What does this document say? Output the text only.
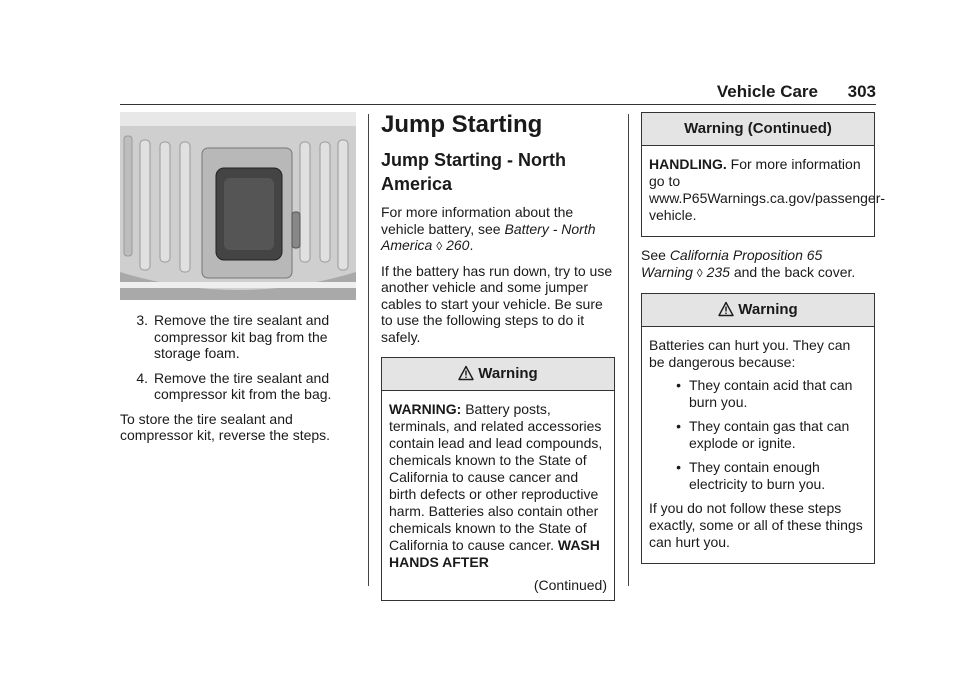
Vehicle Care 303
3. Remove the tire sealant and compressor kit bag from the storage foam.
4. Remove the tire sealant and compressor kit from the bag.

To store the tire sealant and compressor kit, reverse the steps.

Jump Starting
Jump Starting - North America

For more information about the vehicle battery, see Battery - North America ◊ 260.

If the battery has run down, try to use another vehicle and some jumper cables to start your vehicle. Be sure to use the following steps to do it safely.

Warning

WARNING: Battery posts, terminals, and related accessories contain lead and lead compounds, chemicals known to the State of California to cause cancer and birth defects or other reproductive harm. Batteries also contain other chemicals known to the State of California to cause cancer. WASH HANDS AFTER

(Continued)
Warning (Continued)

HANDLING. For more information go to www.P65Warnings.ca.gov/passenger-vehicle.

See California Proposition 65 Warning ◊ 235 and the back cover.

Warning

Batteries can hurt you. They can be dangerous because:

• They contain acid that can burn you.
• They contain gas that can explode or ignite.
• They contain enough electricity to burn you.

If you do not follow these steps exactly, some or all of these things can hurt you.
